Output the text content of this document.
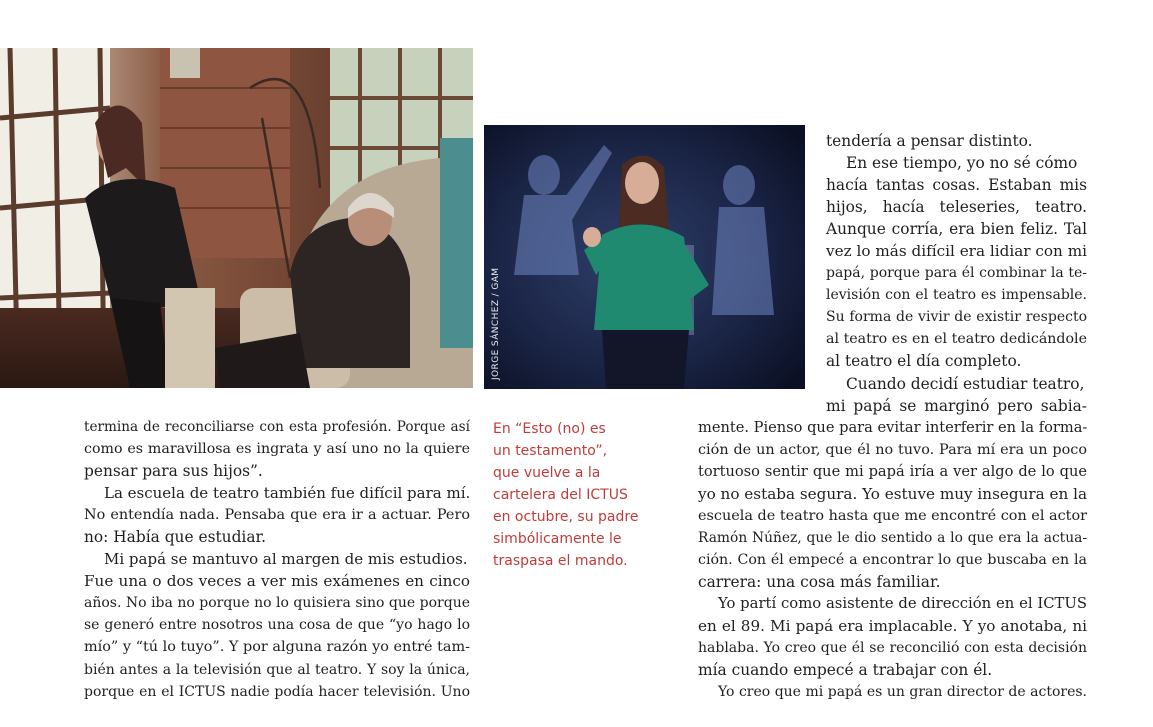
JORGE SÁNCHEZ / GAM
termina de reconciliarse con esta profesión. Porque así
como es maravillosa es ingrata y así uno no la quiere
pensar para sus hijos”.
La escuela de teatro también fue difícil para mí.
No entendía nada. Pensaba que era ir a actuar. Pero
no: Había que estudiar.
Mi papá se mantuvo al margen de mis estudios.
Fue una o dos veces a ver mis exámenes en cinco
años. No iba no porque no lo quisiera sino que porque
se generó entre nosotros una cosa de que “yo hago lo
mío” y “tú lo tuyo”. Y por alguna razón yo entré tam-
bién antes a la televisión que al teatro. Y soy la única,
porque en el ICTUS nadie podía hacer televisión. Uno
En “Esto (no) es
un testamento”,
que vuelve a la
cartelera del ICTUS
en octubre, su padre
simbólicamente le
traspasa el mando.
tendería a pensar distinto.
En ese tiempo, yo no sé cómo
hacía tantas cosas. Estaban mis
hijos, hacía teleseries, teatro.
Aunque corría, era bien feliz. Tal
vez lo más difícil era lidiar con mi
papá, porque para él combinar la te-
levisión con el teatro es impensable.
Su forma de vivir de existir respecto
al teatro es en el teatro dedicándole
al teatro el día completo.
Cuando decidí estudiar teatro,
mi papá se marginó pero sabia-
mente. Pienso que para evitar interferir en la forma-
ción de un actor, que él no tuvo. Para mí era un poco
tortuoso sentir que mi papá iría a ver algo de lo que
yo no estaba segura. Yo estuve muy insegura en la
escuela de teatro hasta que me encontré con el actor
Ramón Núñez, que le dio sentido a lo que era la actua-
ción. Con él empecé a encontrar lo que buscaba en la
carrera: una cosa más familiar.
Yo partí como asistente de dirección en el ICTUS
en el 89. Mi papá era implacable. Y yo anotaba, ni
hablaba. Yo creo que él se reconcilió con esta decisión
mía cuando empecé a trabajar con él.
Yo creo que mi papá es un gran director de actores.
